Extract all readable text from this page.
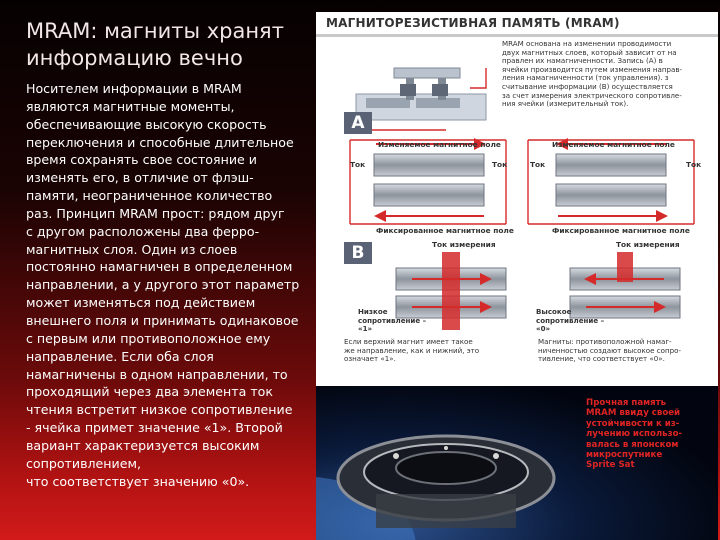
MRAM: магниты хранят информацию вечно
Носителем информации в MRAM
являются магнитные моменты,
обеспечивающие высокую скорость
переключения и способные длительное
время сохранять свое состояние и
изменять его, в отличие от флэш-
памяти, неограниченное количество
раз. Принцип MRAM прост: рядом друг
с другом расположены два ферро-
магнитных слоя. Один из слоев
постоянно намагничен в определенном
направлении, а у другого этот параметр
может изменяться под действием
внешнего поля и принимать одинаковое
с первым или противоположное ему
направление. Если оба слоя
намагничены в одном направлении, то
проходящий через два элемента ток
чтения встретит низкое сопротивление
- ячейка примет значение «1». Второй
вариант характеризуется высоким
сопротивлением,
что соответствует значению «0».
МАГНИТОРЕЗИСТИВНАЯ ПАМЯТЬ (MRAM)
MRAM основана на изменении проводимости
двух магнитных слоев, который зависит от на
правлен их намагниченности. Запись (A) в
ячейки производится путем изменения направ-
ления намагниченности (ток управления). з
считывание информации (B) осуществляется
за счет измерения электрического сопротивле-
ния ячейки (измерительный ток).
A
Изменяемое магнитное поле	Изменяемое магнитное поле
Ток	Ток	Ток	Ток
Фиксированное магнитное поле	Фиксированное магнитное поле
B	Ток измерения	Ток измерения
Низкое сопротивление – «1»
Высокое сопротивление – «0»
Если верхний магнит имеет такое
же направление, как и нижний, это
означает «1».
Магниты: противоположной намаг-
ниченностью создают высокое сопро-
тивление, что соответствует «0».
Прочная память
MRAM ввиду своей
устойчивости к из-
лучению использо-
валась в японском
микроспутнике
Sprite Sat
